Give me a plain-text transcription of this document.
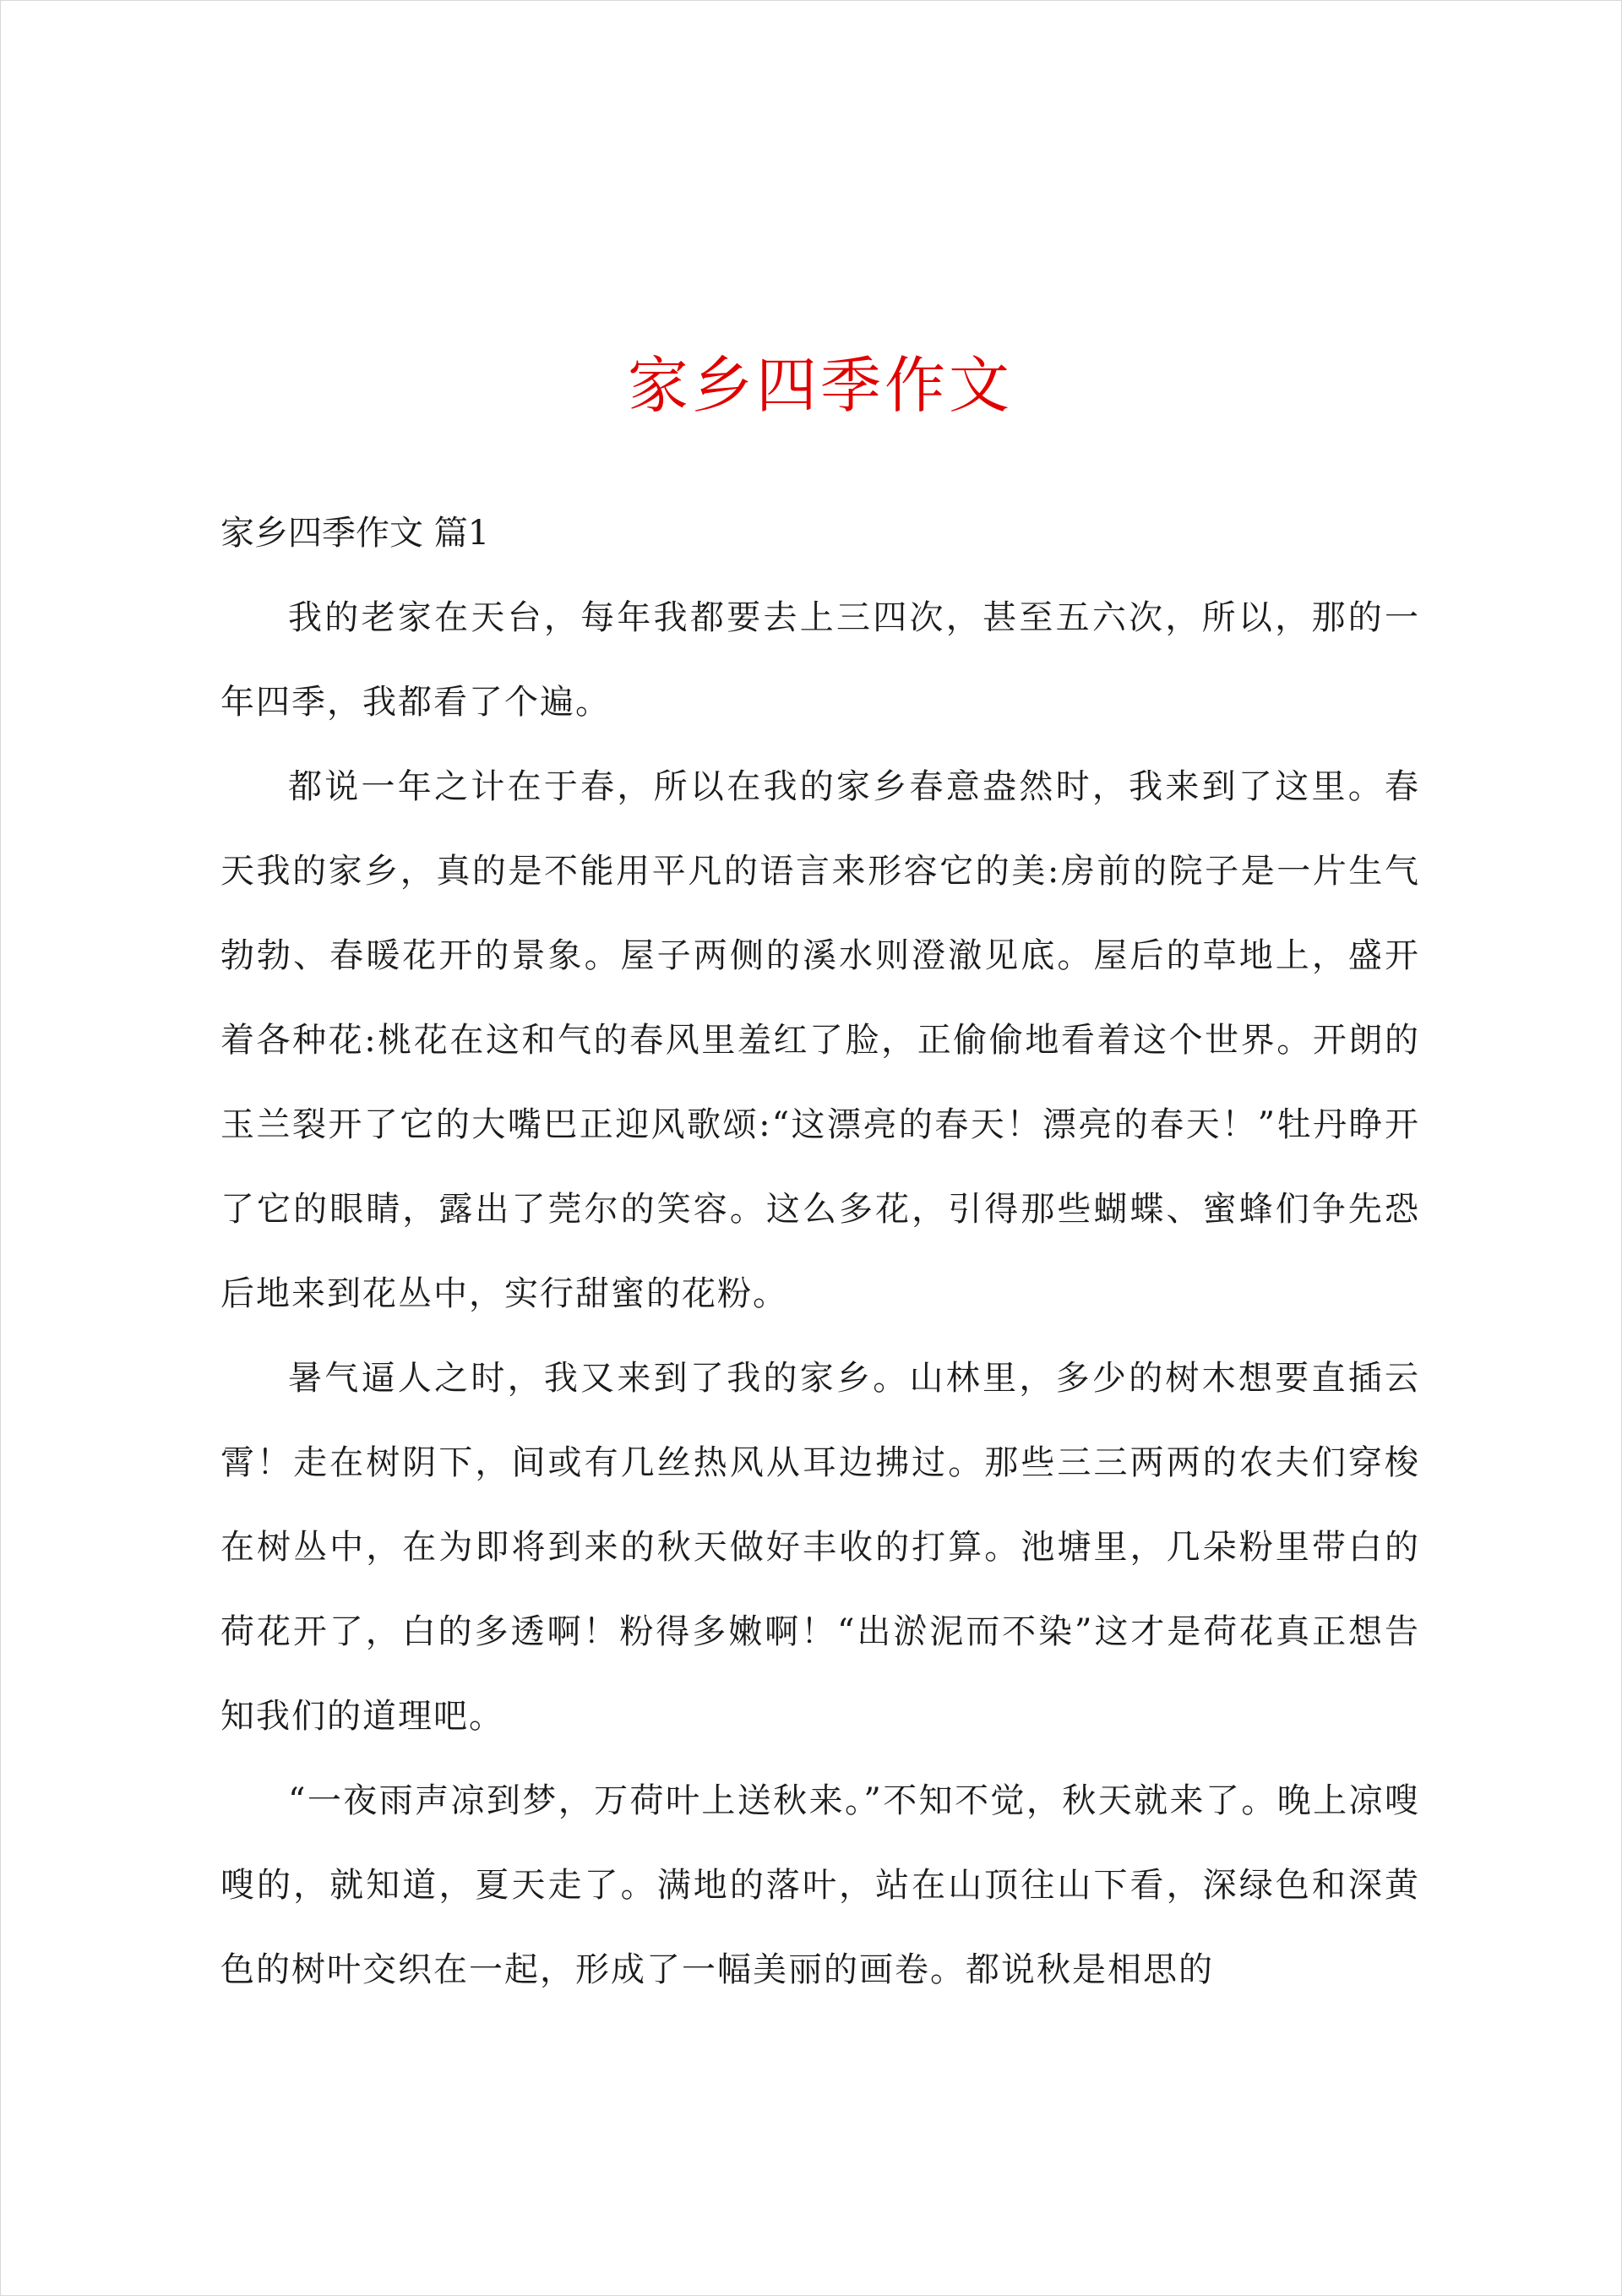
家乡四季作文

家乡四季作文 篇1

我的老家在天台，每年我都要去上三四次，甚至五六次，所以，那的一年四季，我都看了个遍。

都说一年之计在于春，所以在我的家乡春意盎然时，我来到了这里。春天我的家乡，真的是不能用平凡的语言来形容它的美:房前的院子是一片生气勃勃、春暖花开的景象。屋子两侧的溪水则澄澈见底。屋后的草地上，盛开着各种花:桃花在这和气的春风里羞红了脸，正偷偷地看着这个世界。开朗的玉兰裂开了它的大嘴巴正迎风歌颂:“这漂亮的春天！漂亮的春天！”牡丹睁开了它的眼睛，露出了莞尔的笑容。这么多花，引得那些蝴蝶、蜜蜂们争先恐后地来到花丛中，实行甜蜜的花粉。

暑气逼人之时，我又来到了我的家乡。山林里，多少的树木想要直插云霄！走在树阴下，间或有几丝热风从耳边拂过。那些三三两两的农夫们穿梭在树丛中，在为即将到来的秋天做好丰收的打算。池塘里，几朵粉里带白的荷花开了，白的多透啊！粉得多嫩啊！“出淤泥而不染”这才是荷花真正想告知我们的道理吧。

“一夜雨声凉到梦，万荷叶上送秋来。”不知不觉，秋天就来了。晚上凉嗖嗖的，就知道，夏天走了。满地的落叶，站在山顶往山下看，深绿色和深黄色的树叶交织在一起，形成了一幅美丽的画卷。都说秋是相思的
